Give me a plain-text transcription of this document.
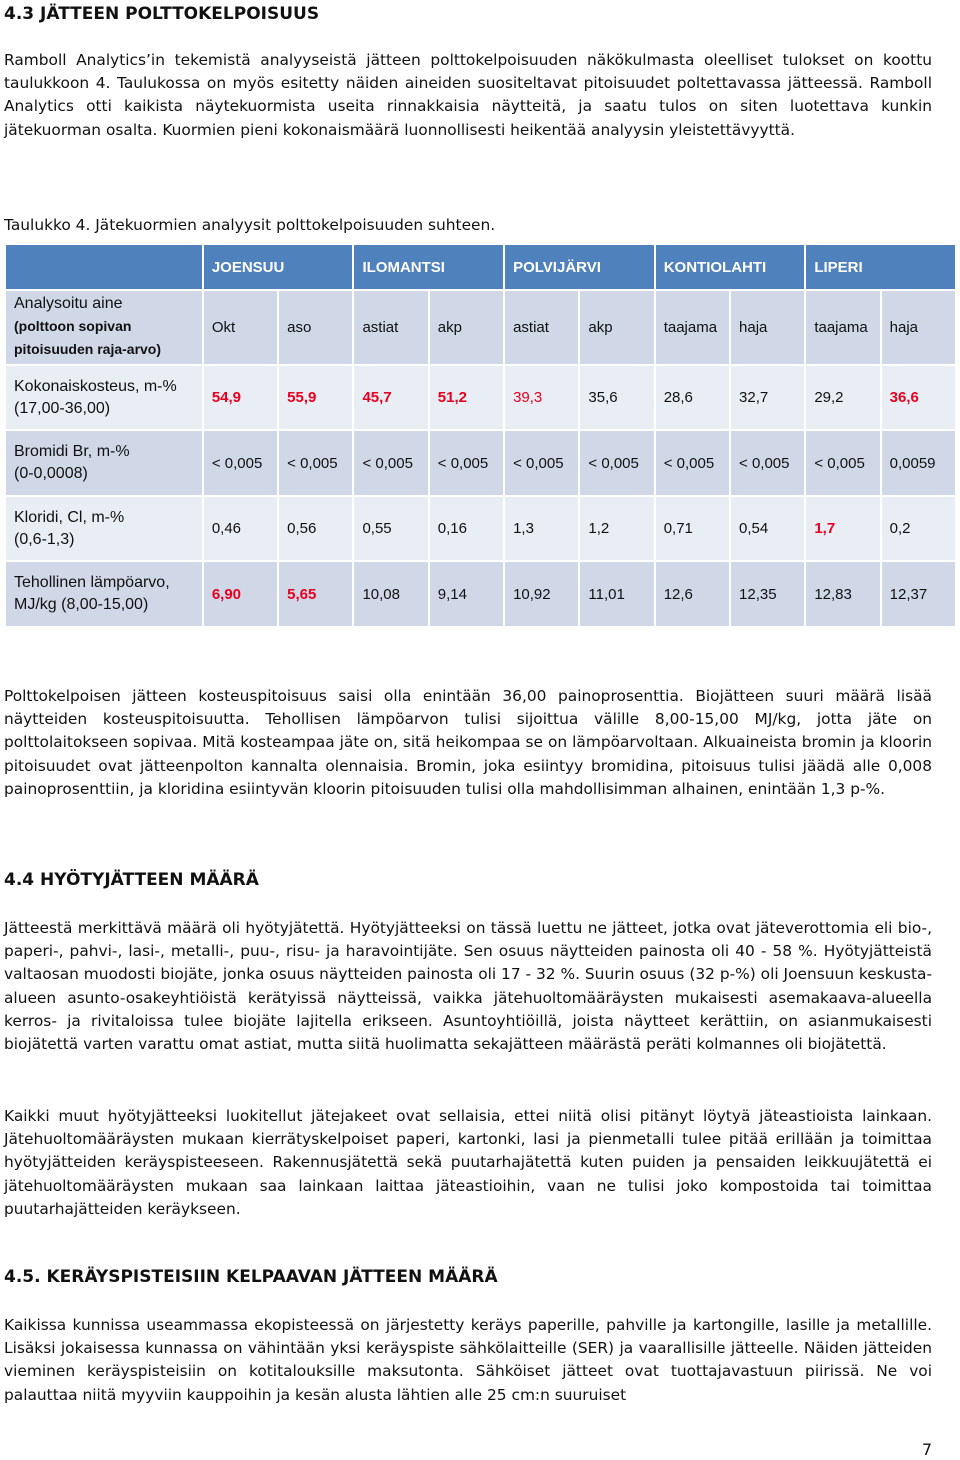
4.3 JÄTTEEN POLTTOKELPOISUUS

Ramboll Analytics’in tekemistä analyyseistä jätteen polttokelpoisuuden näkökulmasta oleelliset tulokset on koottu taulukkoon 4. Taulukossa on myös esitetty näiden aineiden suositeltavat pitoisuudet poltettavassa jätteessä. Ramboll Analytics otti kaikista näytekuormista useita rinnakkaisia näytteitä, ja saatu tulos on siten luotettava kunkin jätekuorman osalta. Kuormien pieni kokonaismäärä luonnollisesti heikentää analyysin yleistettävyyttä.

Taulukko 4. Jätekuormien analyysit polttokelpoisuuden suhteen.

	JOENSUU		ILOMANTSI		POLVIJÄRVI		KONTIOLAHTI		LIPERI	
Analysoitu aine
(polttoon sopivan pitoisuuden raja-arvo)	Okt	aso	astiat	akp	astiat	akp	taajama	haja	taajama	haja
Kokonaiskosteus, m-%
(17,00-36,00)	54,9	55,9	45,7	51,2	39,3	35,6	28,6	32,7	29,2	36,6
Bromidi Br, m-%
(0-0,0008)	< 0,005	< 0,005	< 0,005	< 0,005	< 0,005	< 0,005	< 0,005	< 0,005	< 0,005	0,0059
Kloridi, Cl, m-%
(0,6-1,3)	0,46	0,56	0,55	0,16	1,3	1,2	0,71	0,54	1,7	0,2
Tehollinen lämpöarvo,
MJ/kg (8,00-15,00)	6,90	5,65	10,08	9,14	10,92	11,01	12,6	12,35	12,83	12,37

Polttokelpoisen jätteen kosteuspitoisuus saisi olla enintään 36,00 painoprosenttia. Biojätteen suuri määrä lisää näytteiden kosteuspitoisuutta. Tehollisen lämpöarvon tulisi sijoittua välille 8,00-15,00 MJ/kg, jotta jäte on polttolaitokseen sopivaa. Mitä kosteampaa jäte on, sitä heikompaa se on lämpöarvoltaan. Alkuaineista bromin ja kloorin pitoisuudet ovat jätteenpolton kannalta olennaisia. Bromin, joka esiintyy bromidina, pitoisuus tulisi jäädä alle 0,008 painoprosenttiin, ja kloridina esiintyvän kloorin pitoisuuden tulisi olla mahdollisimman alhainen, enintään 1,3 p-%.

4.4 HYÖTYJÄTTEEN MÄÄRÄ

Jätteestä merkittävä määrä oli hyötyjätettä. Hyötyjätteeksi on tässä luettu ne jätteet, jotka ovat jäteverottomia eli bio-, paperi-, pahvi-, lasi-, metalli-, puu-, risu- ja haravointijäte. Sen osuus näytteiden painosta oli 40 - 58 %. Hyötyjätteistä valtaosan muodosti biojäte, jonka osuus näytteiden painosta oli 17 - 32 %. Suurin osuus (32 p-%) oli Joensuun keskusta-alueen asunto-osakeyhtiöistä kerätyissä näytteissä, vaikka jätehuoltomääräysten mukaisesti asemakaava-alueella kerros- ja rivitaloissa tulee biojäte lajitella erikseen. Asuntoyhtiöillä, joista näytteet kerättiin, on asianmukaisesti biojätettä varten varattu omat astiat, mutta siitä huolimatta sekajätteen määrästä peräti kolmannes oli biojätettä.

Kaikki muut hyötyjätteeksi luokitellut jätejakeet ovat sellaisia, ettei niitä olisi pitänyt löytyä jäteastioista lainkaan. Jätehuoltomääräysten mukaan kierrätyskelpoiset paperi, kartonki, lasi ja pienmetalli tulee pitää erillään ja toimittaa hyötyjätteiden keräyspisteeseen. Rakennusjätettä sekä puutarhajätettä kuten puiden ja pensaiden leikkuujätettä ei jätehuoltomääräysten mukaan saa lainkaan laittaa jäteastioihin, vaan ne tulisi joko kompostoida tai toimittaa puutarhajätteiden keräykseen.

4.5. KERÄYSPISTEISIIN KELPAAVAN JÄTTEEN MÄÄRÄ

Kaikissa kunnissa useammassa ekopisteessä on järjestetty keräys paperille, pahville ja kartongille, lasille ja metallille. Lisäksi jokaisessa kunnassa on vähintään yksi keräyspiste sähkölaitteille (SER) ja vaarallisille jätteelle. Näiden jätteiden vieminen keräyspisteisiin on kotitalouksille maksutonta. Sähköiset jätteet ovat tuottajavastuun piirissä. Ne voi palauttaa niitä myyviin kauppoihin ja kesän alusta lähtien alle 25 cm:n suuruiset

7
